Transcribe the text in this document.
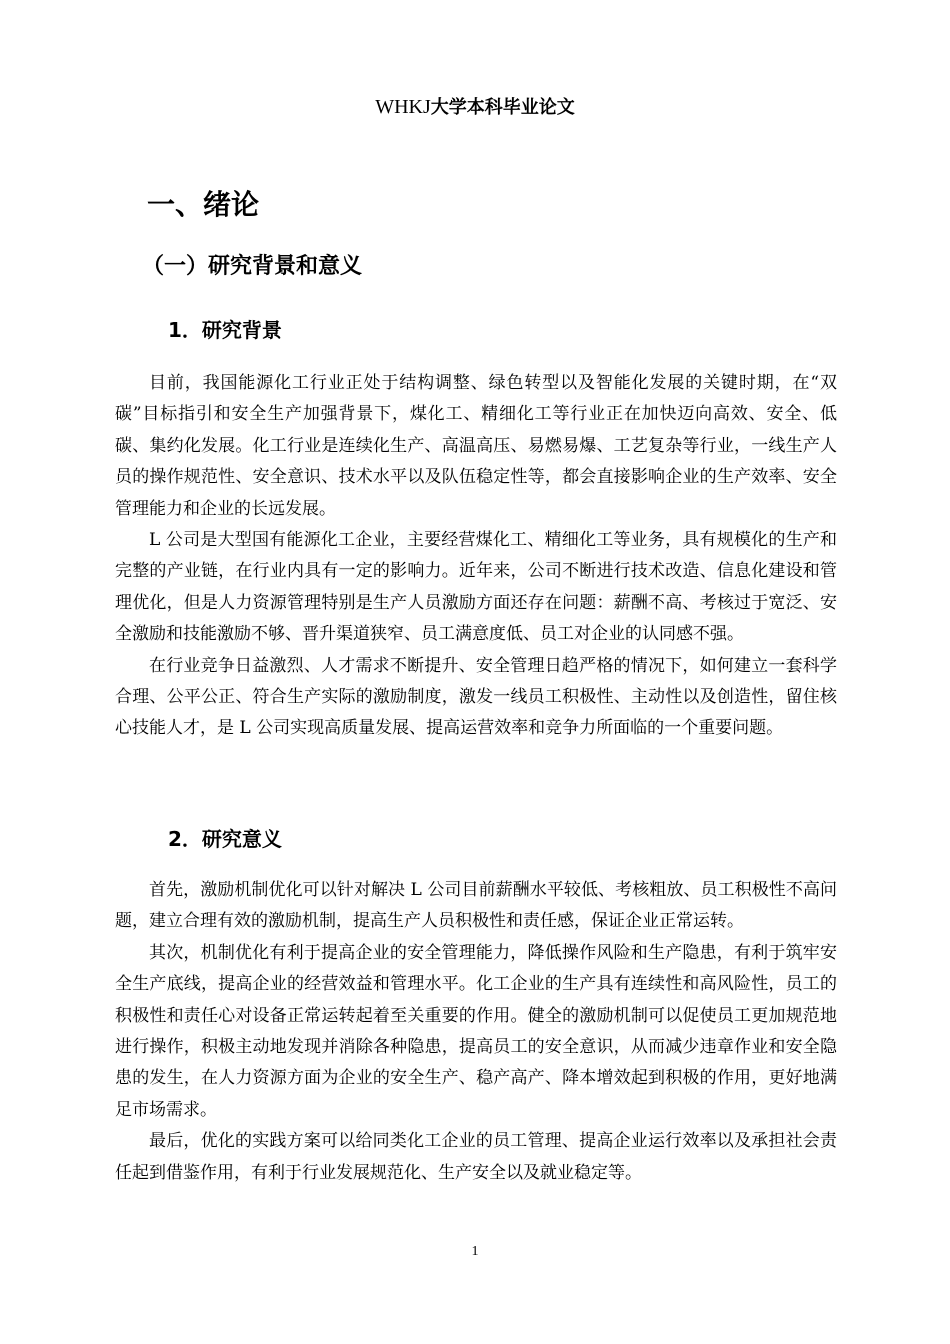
WHKJ大学本科毕业论文
一、绪论
（一）研究背景和意义
1．研究背景

目前，我国能源化工行业正处于结构调整、绿色转型以及智能化发展的关键时期，在“双碳”目标指引和安全生产加强背景下，煤化工、精细化工等行业正在加快迈向高效、安全、低碳、集约化发展。化工行业是连续化生产、高温高压、易燃易爆、工艺复杂等行业，一线生产人员的操作规范性、安全意识、技术水平以及队伍稳定性等，都会直接影响企业的生产效率、安全管理能力和企业的长远发展。

L 公司是大型国有能源化工企业，主要经营煤化工、精细化工等业务，具有规模化的生产和完整的产业链，在行业内具有一定的影响力。近年来，公司不断进行技术改造、信息化建设和管理优化，但是人力资源管理特别是生产人员激励方面还存在问题：薪酬不高、考核过于宽泛、安全激励和技能激励不够、晋升渠道狭窄、员工满意度低、员工对企业的认同感不强。

在行业竞争日益激烈、人才需求不断提升、安全管理日趋严格的情况下，如何建立一套科学合理、公平公正、符合生产实际的激励制度，激发一线员工积极性、主动性以及创造性，留住核心技能人才，是 L 公司实现高质量发展、提高运营效率和竞争力所面临的一个重要问题。

2．研究意义

首先，激励机制优化可以针对解决 L 公司目前薪酬水平较低、考核粗放、员工积极性不高问题，建立合理有效的激励机制，提高生产人员积极性和责任感，保证企业正常运转。

其次，机制优化有利于提高企业的安全管理能力，降低操作风险和生产隐患，有利于筑牢安全生产底线，提高企业的经营效益和管理水平。化工企业的生产具有连续性和高风险性，员工的积极性和责任心对设备正常运转起着至关重要的作用。健全的激励机制可以促使员工更加规范地进行操作，积极主动地发现并消除各种隐患，提高员工的安全意识，从而减少违章作业和安全隐患的发生，在人力资源方面为企业的安全生产、稳产高产、降本增效起到积极的作用，更好地满足市场需求。

最后，优化的实践方案可以给同类化工企业的员工管理、提高企业运行效率以及承担社会责任起到借鉴作用，有利于行业发展规范化、生产安全以及就业稳定等。

1
